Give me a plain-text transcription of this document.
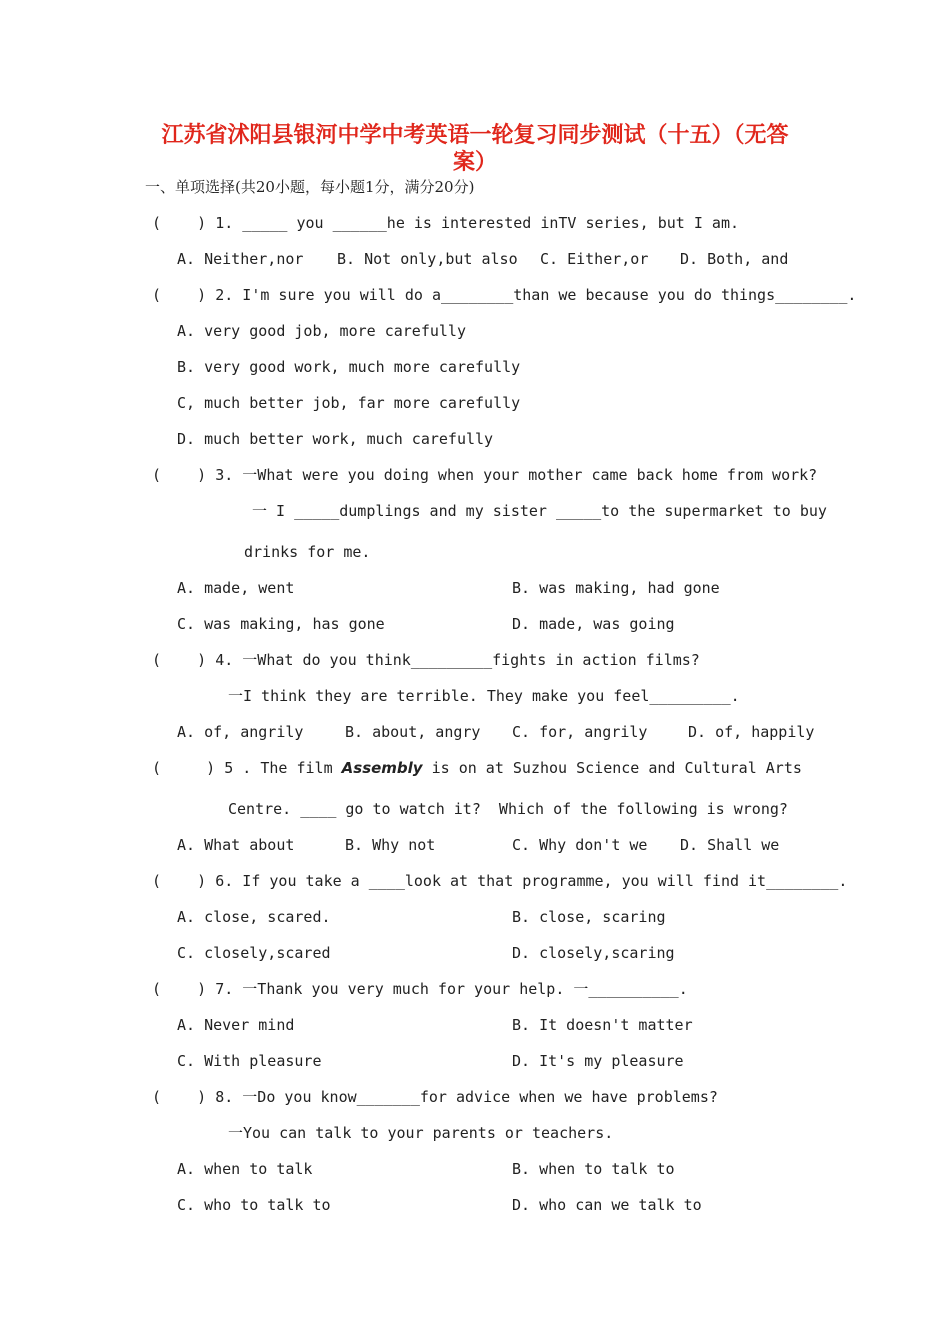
江苏省沭阳县银河中学中考英语一轮复习同步测试（十五）（无答
案）
一、单项选择(共20小题，每小题1分，满分20分)
(    ) 1. _____ you ______he is interested inTV series, but I am.
A. Neither,nor B. Not only,but also C. Either,or D. Both, and
(    ) 2. I'm sure you will do a________than we because you do things________.
A. very good job, more carefully
B. very good work, much more carefully
C, much better job, far more carefully
D. much better work, much carefully
(    ) 3. 一What were you doing when your mother came back home from work?
一 I _____dumplings and my sister _____to the supermarket to buy
drinks for me.
A. made, went	B. was making, had gone
C. was making, has gone	D. made, was going
(    ) 4. 一What do you think_________fights in action films?
一I think they are terrible. They make you feel_________.
A. of, angrily	B. about, angry C. for, angrily	D. of, happily
(     ) 5 . The film Assembly is on at Suzhou Science and Cultural Arts
Centre. ____ go to watch it?  Which of the following is wrong?
A. What about	B. Why not	C. Why don't we D. Shall we
(    ) 6. If you take a ____look at that programme, you will find it________.
A. close, scared.	B. close, scaring
C. closely,scared	D. closely,scaring
(    ) 7. 一Thank you very much for your help. 一__________.
A. Never mind	B. It doesn't matter
C. With pleasure	D. It's my pleasure
(    ) 8. 一Do you know_______for advice when we have problems?
一You can talk to your parents or teachers.
A. when to talk	B. when to talk to
C. who to talk to	D. who can we talk to
